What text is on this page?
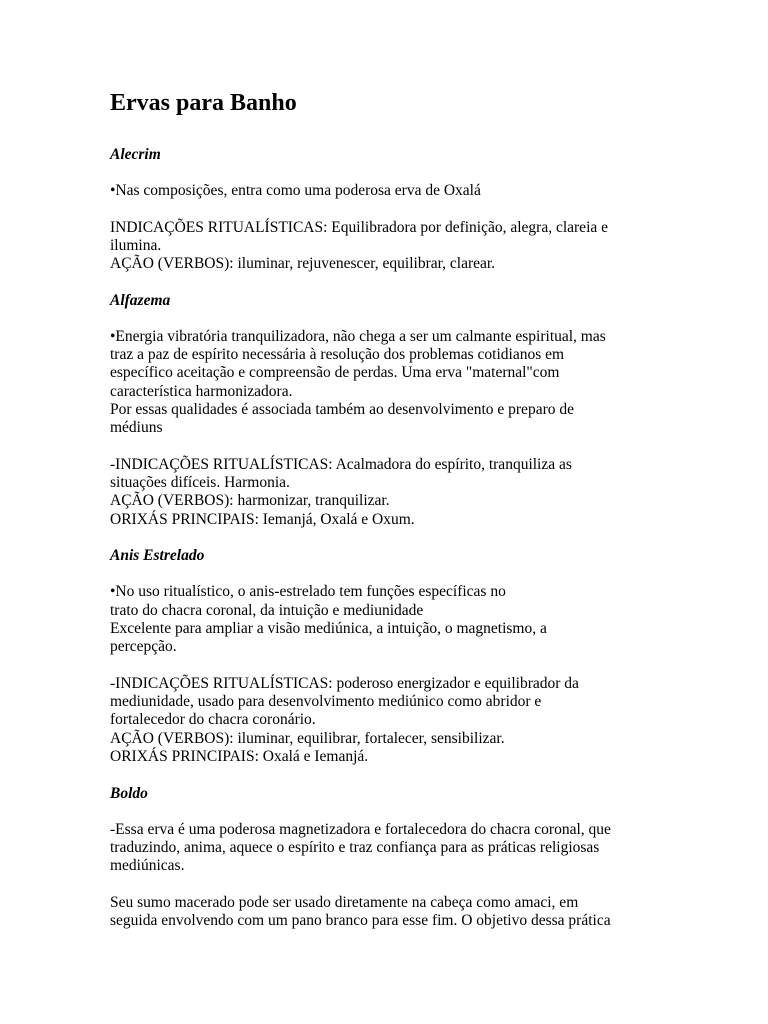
Ervas para Banho
Alecrim
•Nas composições, entra como uma poderosa erva de Oxalá
INDICAÇÕES RITUALÍSTICAS: Equilibradora por definição, alegra, clareia e
ilumina.
AÇÃO (VERBOS): iluminar, rejuvenescer, equilibrar, clarear.
Alfazema
•Energia vibratória tranquilizadora, não chega a ser um calmante espiritual, mas
traz a paz de espírito necessária à resolução dos problemas cotidianos em
específico aceitação e compreensão de perdas. Uma erva "maternal"com
característica harmonizadora.
Por essas qualidades é associada também ao desenvolvimento e preparo de
médiuns
-INDICAÇÕES RITUALÍSTICAS: Acalmadora do espírito, tranquiliza as
situações difíceis. Harmonia.
AÇÃO (VERBOS): harmonizar, tranquilizar.
ORIXÁS PRINCIPAIS: Iemanjá, Oxalá e Oxum.
Anis Estrelado
•No uso ritualístico, o anis-estrelado tem funções específicas no
trato do chacra coronal, da intuição e mediunidade
Excelente para ampliar a visão mediúnica, a intuição, o magnetismo, a
percepção.
-INDICAÇÕES RITUALÍSTICAS: poderoso energizador e equilibrador da
mediunidade, usado para desenvolvimento mediúnico como abridor e
fortalecedor do chacra coronário.
AÇÃO (VERBOS): iluminar, equilibrar, fortalecer, sensibilizar.
ORIXÁS PRINCIPAIS: Oxalá e Iemanjá.
Boldo
-Essa erva é uma poderosa magnetizadora e fortalecedora do chacra coronal, que
traduzindo, anima, aquece o espírito e traz confiança para as práticas religiosas
mediúnicas.
Seu sumo macerado pode ser usado diretamente na cabeça como amaci, em
seguida envolvendo com um pano branco para esse fim. O objetivo dessa prática
